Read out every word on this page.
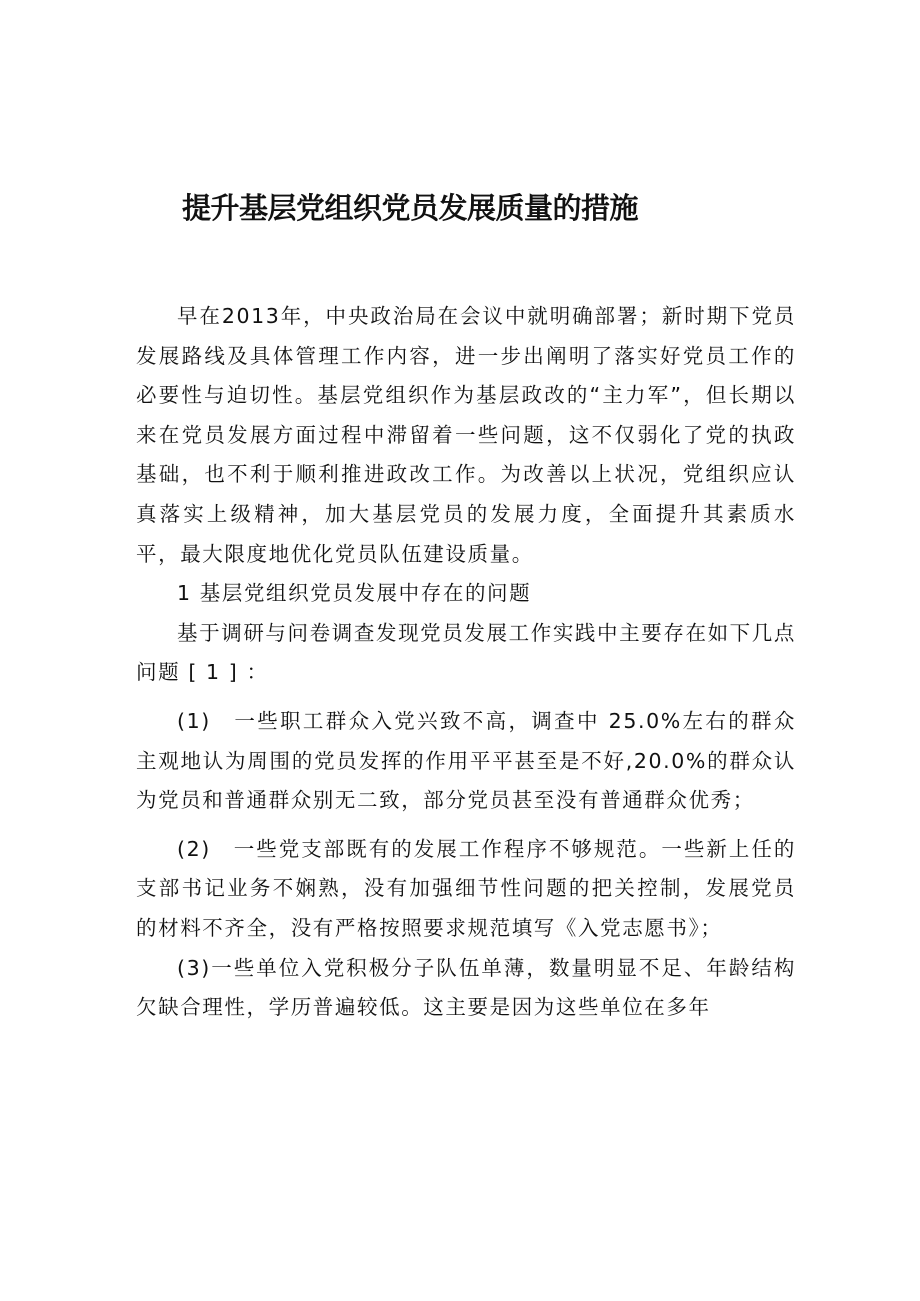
提升基层党组织党员发展质量的措施

早在2013年，中央政治局在会议中就明确部署；新时期下党员发展路线及具体管理工作内容，进一步出阐明了落实好党员工作的必要性与迫切性。基层党组织作为基层政改的“主力军”，但长期以来在党员发展方面过程中滞留着一些问题，这不仅弱化了党的执政基础，也不利于顺利推进政改工作。为改善以上状况，党组织应认真落实上级精神，加大基层党员的发展力度，全面提升其素质水平，最大限度地优化党员队伍建设质量。

1 基层党组织党员发展中存在的问题

基于调研与问卷调查发现党员发展工作实践中主要存在如下几点问题 [ 1 ] ：

(1)　一些职工群众入党兴致不高，调查中 25.0%左右的群众主观地认为周围的党员发挥的作用平平甚至是不好,20.0%的群众认为党员和普通群众别无二致，部分党员甚至没有普通群众优秀；

(2)　一些党支部既有的发展工作程序不够规范。一些新上任的支部书记业务不娴熟，没有加强细节性问题的把关控制，发展党员的材料不齐全，没有严格按照要求规范填写《入党志愿书》；

(3)一些单位入党积极分子队伍单薄，数量明显不足、年龄结构欠缺合理性，学历普遍较低。这主要是因为这些单位在多年
